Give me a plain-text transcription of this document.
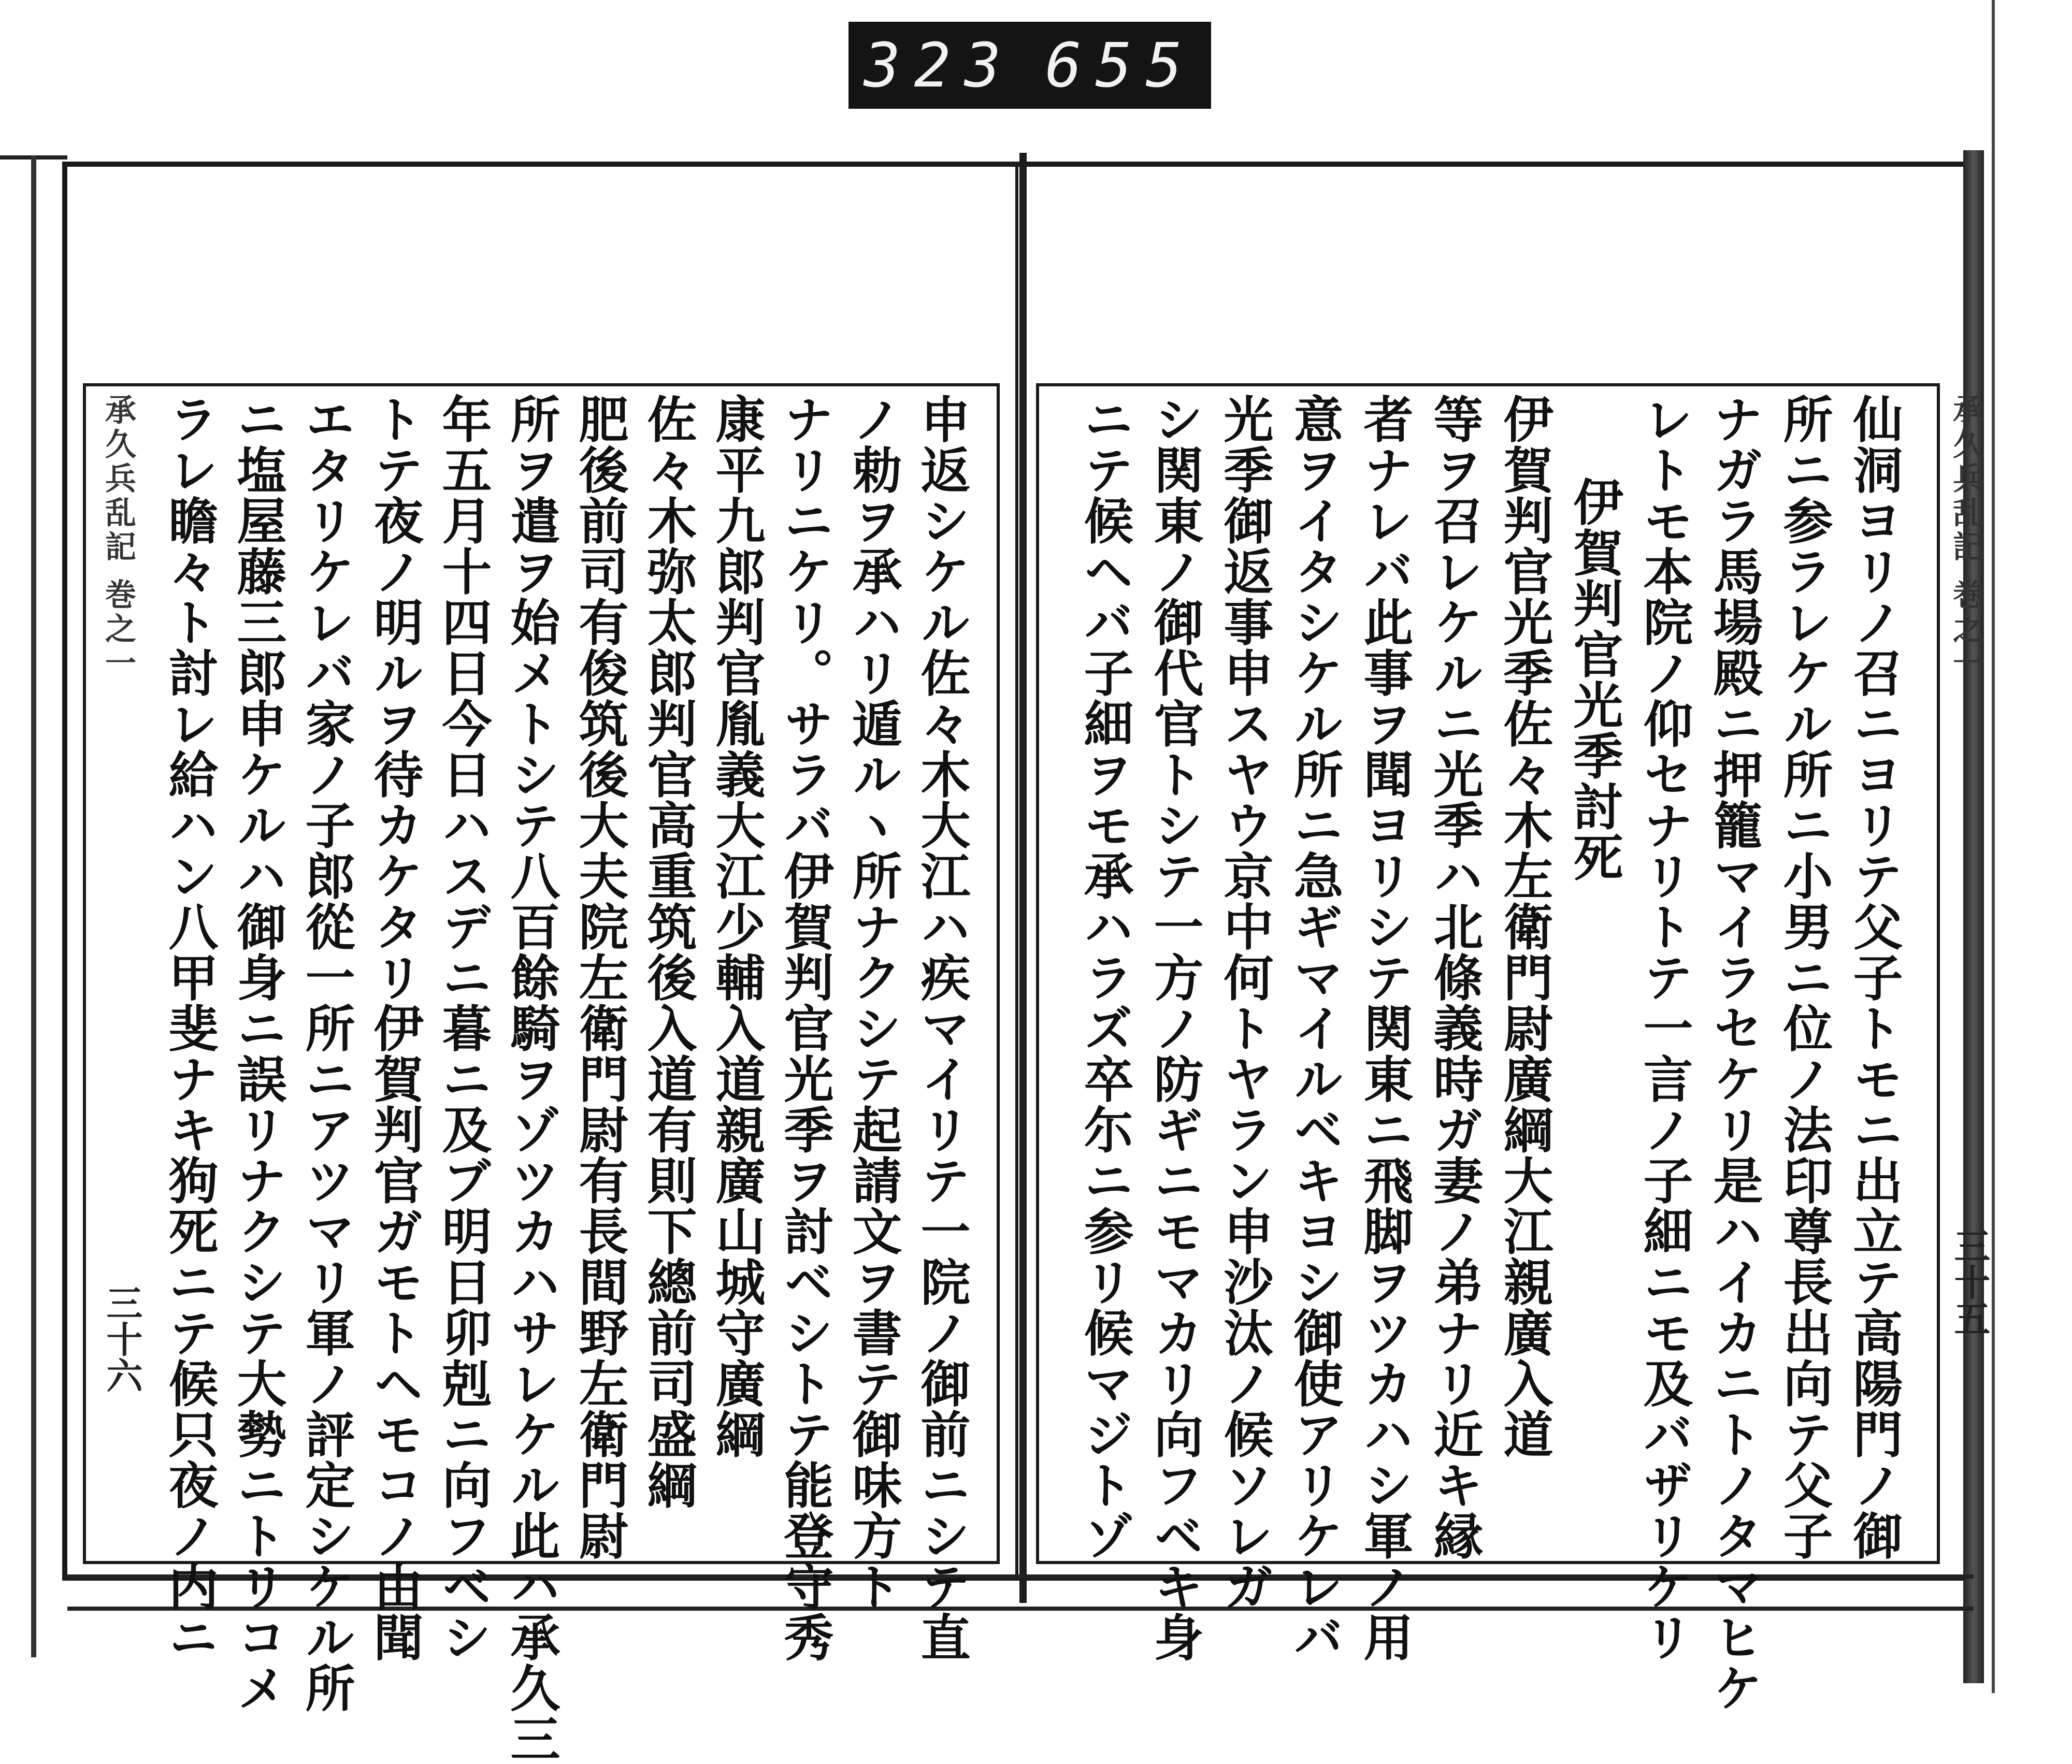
323 655
承久兵乱記 巻之一	承久兵乱記 巻之一
三十五
三十六	仙洞ヨリノ召ニヨリテ父子トモニ出立テ高陽門ノ御
所ニ参ラレケル所ニ小男ニ位ノ法印尊長出向テ父子
ナガラ馬場殿ニ押籠マイラセケリ是ハイカニトノタマヒケ
レトモ本院ノ仰セナリトテ一言ノ子細ニモ及バザリケリ
伊賀判官光季討死
伊賀判官光季佐々木左衛門尉廣綱大江親廣入道
等ヲ召レケルニ光季ハ北條義時ガ妻ノ弟ナリ近キ縁
者ナレバ此事ヲ聞ヨリシテ関東ニ飛脚ヲツカハシ軍ノ用
意ヲイタシケル所ニ急ギマイルベキヨシ御使アリケレバ
光季御返事申スヤウ京中何トヤラン申沙汰ノ候ソレガ
シ関東ノ御代官トシテ一方ノ防ギニモマカリ向フベキ身
ニテ候ヘバ子細ヲモ承ハラズ卒尓ニ参リ候マジトゾ
申返シケル佐々木大江ハ疾マイリテ一院ノ御前ニシテ直
ノ勅ヲ承ハリ遁ルヽ所ナクシテ起請文ヲ書テ御味方ト
ナリニケリ。サラバ伊賀判官光季ヲ討ベシトテ能登守秀
康平九郎判官胤義大江少輔入道親廣山城守廣綱
佐々木弥太郎判官高重筑後入道有則下總前司盛綱
肥後前司有俊筑後大夫院左衛門尉有長間野左衛門尉
所ヲ遣ヲ始メトシテ八百餘騎ヲゾツカハサレケル此ハ承久三
年五月十四日今日ハスデニ暮ニ及ブ明日卯剋ニ向フベシ
トテ夜ノ明ルヲ待カケタリ伊賀判官ガモトヘモコノ由聞
エタリケレバ家ノ子郎從一所ニアツマリ軍ノ評定シケル所
ニ塩屋藤三郎申ケルハ御身ニ誤リナクシテ大勢ニトリコメ
ラレ瞻々ト討レ給ハン八甲斐ナキ狗死ニテ候只夜ノ内ニ
